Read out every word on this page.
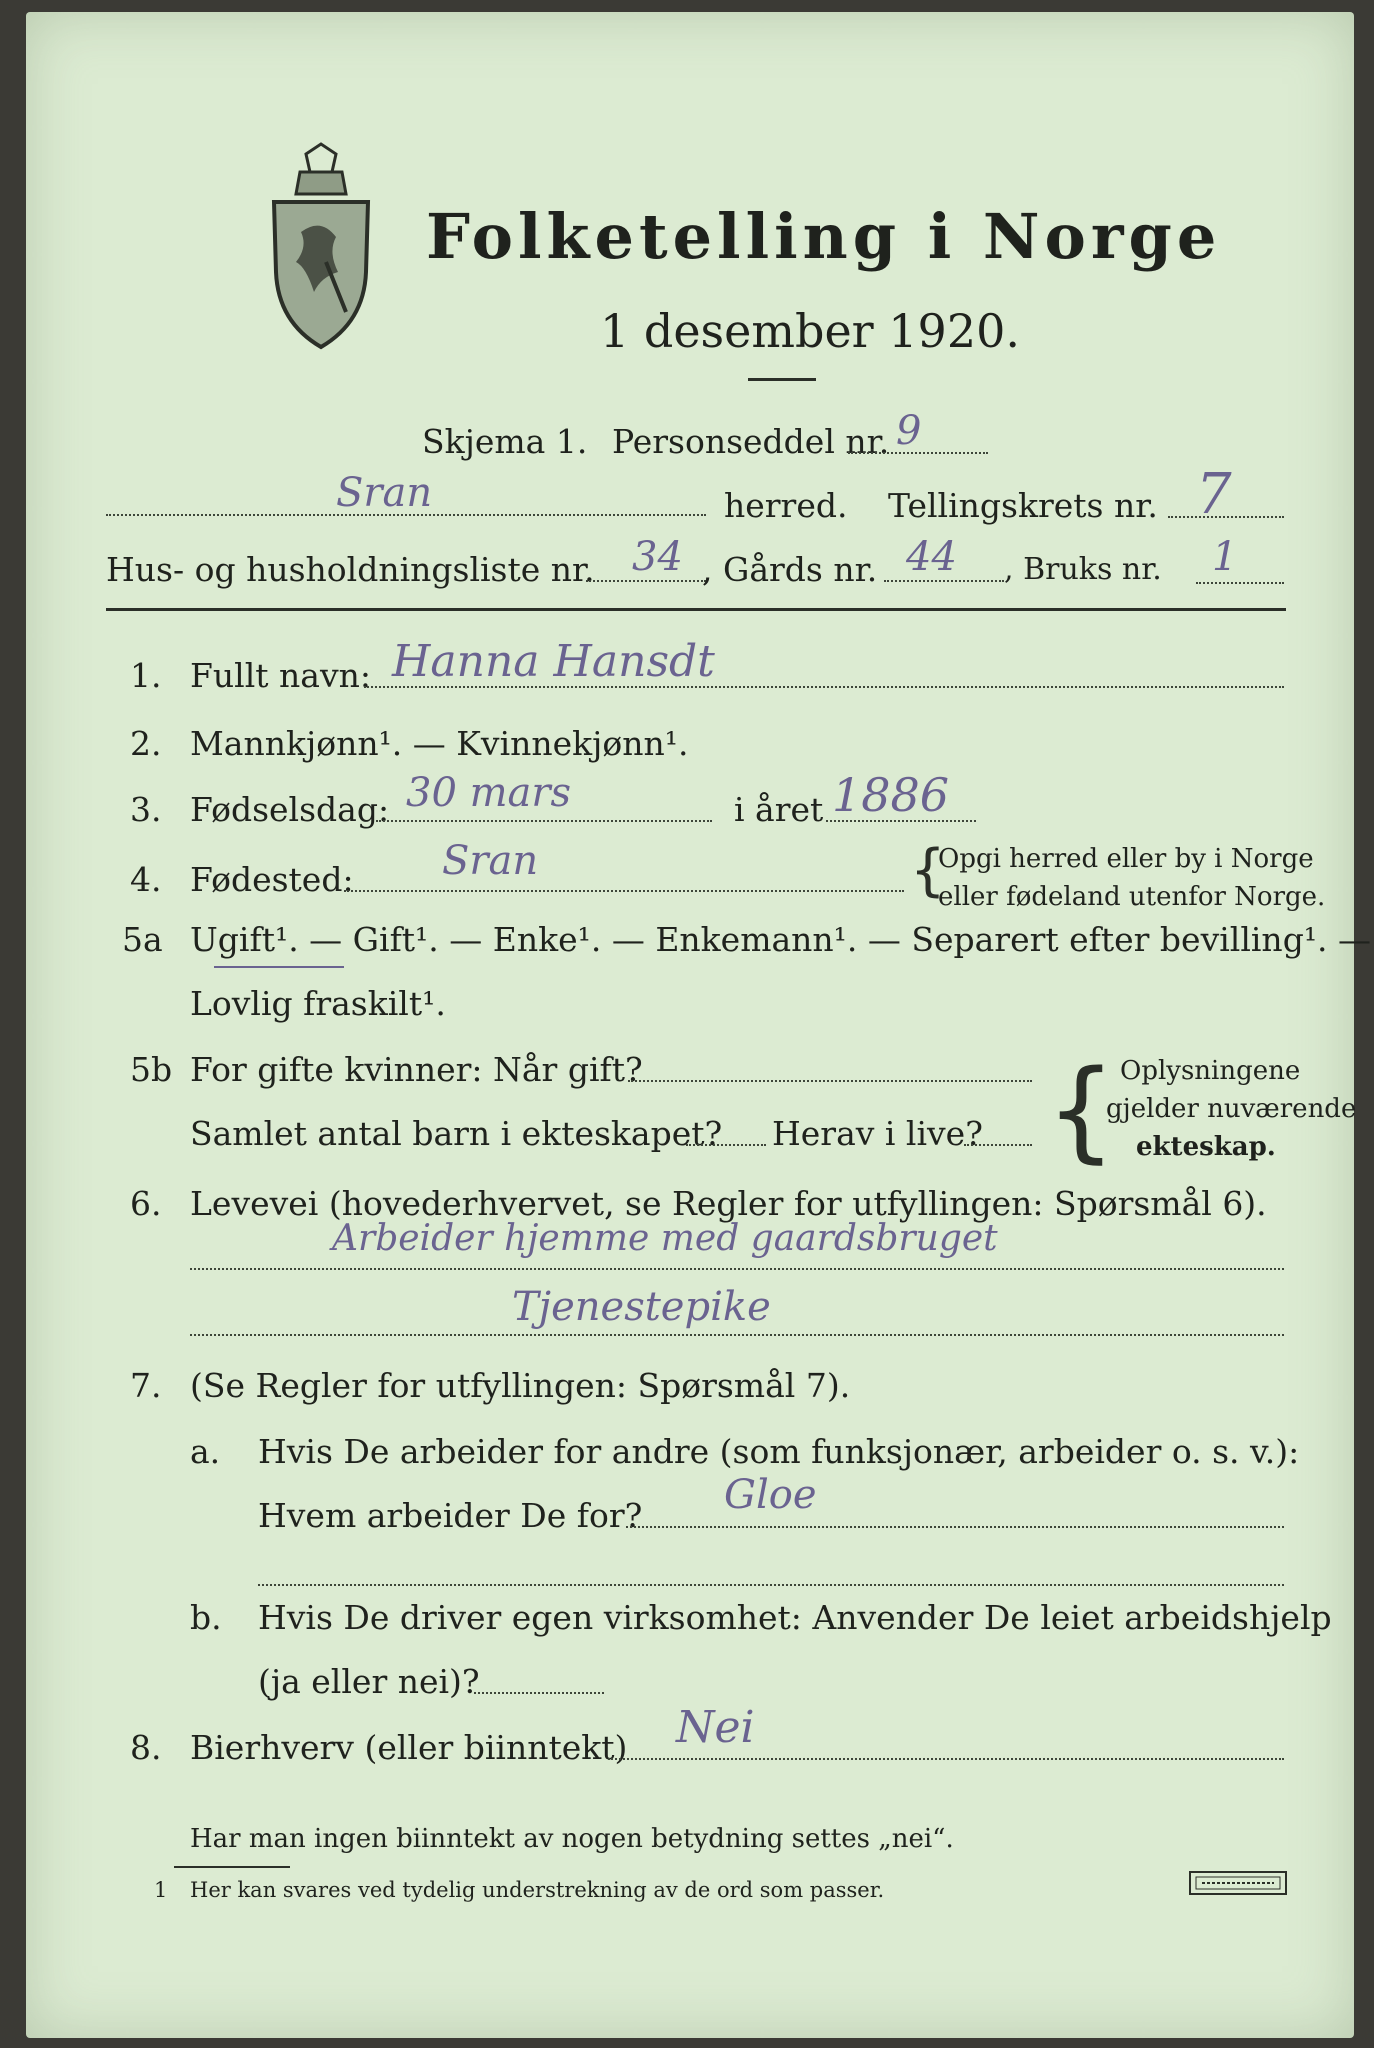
Folketelling i Norge
1 desember 1920.
Skjema 1. Personseddel nr. 9
Sran	herred. Tellingskrets nr. 7
Hus- og husholdningsliste nr. 34 , Gårds nr. 44 , Bruks nr. 1
1. Fullt navn: Hanna Hansdt
2. Mannkjønn¹. — Kvinnekjønn¹.
3. Fødselsdag: 30 mars	i året 1886
4. Fødested: Sran	{
Opgi herred eller by i Norge
eller fødeland utenfor Norge.
5a Ugift¹. — Gift¹. — Enke¹. — Enkemann¹. — Separert efter bevilling¹. —
Lovlig fraskilt¹.
5b For gifte kvinner: Når gift?
Samlet antal barn i ekteskapet? Herav i live? { Oplysningene
gjelder nuværende
ekteskap.
6. Levevei (hovederhvervet, se Regler for utfyllingen: Spørsmål 6).
Arbeider hjemme med gaardsbruget
Tjenestepike
7. (Se Regler for utfyllingen: Spørsmål 7).
a. Hvis De arbeider for andre (som funksjonær, arbeider o. s. v.):
Hvem arbeider De for? Gloe
b. Hvis De driver egen virksomhet: Anvender De leiet arbeidshjelp
(ja eller nei)?
8. Bierhverv (eller biinntekt) Nei
Har man ingen biinntekt av nogen betydning settes „nei“.
1 Her kan svares ved tydelig understrekning av de ord som passer.
